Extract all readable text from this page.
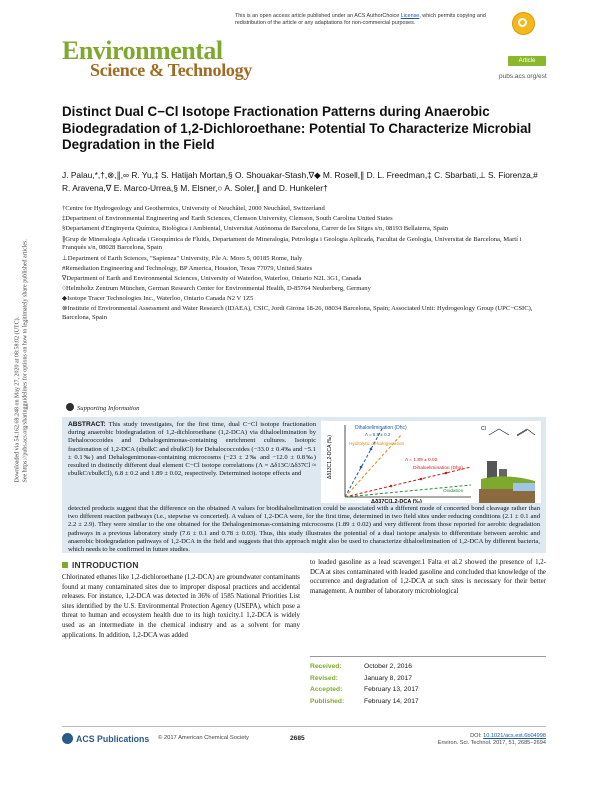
Downloaded via 54.162.69.248 on May 27, 2020 at 08:58:02 (UTC). See https://pubs.acs.org/sharingguidelines for options on how to legitimately share published articles.
This is an open access article published under an ACS AuthorChoice License, which permits copying and redistribution of the article or any adaptations for non-commercial purposes.
Environmental
Science & Technology	Article
pubs.acs.org/est
Distinct Dual C−Cl Isotope Fractionation Patterns during Anaerobic Biodegradation of 1,2-Dichloroethane: Potential To Characterize Microbial Degradation in the Field
J. Palau,*,†,⊗,∥,∞ R. Yu,‡ S. Hatijah Mortan,§ O. Shouakar-Stash,∇◆ M. Rosell,∥ D. L. Freedman,‡ C. Sbarbati,⊥ S. Fiorenza,# R. Aravena,∇ E. Marco-Urrea,§ M. Elsner,○ A. Soler,∥ and D. Hunkeler†
†Centre for Hydrogeology and Geothermics, University of Neuchâtel, 2000 Neuchâtel, Switzerland
‡Department of Environmental Engineering and Earth Sciences, Clemson University, Clemson, South Carolina United States
§Departament d'Enginyeria Química, Biològica i Ambiental, Universitat Autònoma de Barcelona, Carrer de les Sitges s/n, 08193 Bellaterra, Spain
∥Grup de Mineralogia Aplicada i Geoquímica de Fluids, Departament de Mineralogia, Petrologia i Geologia Aplicada, Facultat de Geologia, Universitat de Barcelona, Martí i Franquès s/n, 08028 Barcelona, Spain
⊥Department of Earth Sciences, "Sapienza" University, P.le A. Moro 5, 00185 Rome, Italy
#Remediation Engineering and Technology, BP America, Houston, Texas 77079, United States
∇Department of Earth and Environmental Sciences, University of Waterloo, Waterloo, Ontario N2L 3G1, Canada
○Helmholtz Zentrum München, German Research Center for Environmental Health, D-85764 Neuherberg, Germany
◆Isotope Tracer Technologies Inc., Waterloo, Ontario Canada N2 V 1Z5
⊗Institute of Environmental Assessment and Water Research (IDAEA), CSIC, Jordi Girona 18-26, 08034 Barcelona, Spain; Associated Unit: Hydrogeology Group (UPC−CSIC), Barcelona, Spain
Supporting Information
ABSTRACT: This study investigates, for the first time, dual C−Cl isotope fractionation during anaerobic biodegradation of 1,2-dichloroethane (1,2-DCA) via dihaloelimination by Dehalococcoides and Dehalogenimonas-containing enrichment cultures. Isotopic fractionation of 1,2-DCA (εbulkC and εbulkCl) for Dehalococcoides (−33.0 ± 0.4‰ and −5.1 ± 0.1‰) and Dehalogenimonas-containing microcosms (−23 ± 2‰ and −12.0 ± 0.8‰) resulted in distinctly different dual element C−Cl isotope correlations (Λ = Δδ13C/Δδ37Cl ≈ εbulkC/εbulkCl), 6.8 ± 0.2 and 1.89 ± 0.02, respectively. Determined isotope effects and
detected products suggest that the difference on the obtained Λ values for biodihaloelimination could be associated with a different mode of concerted bond cleavage rather than two different reaction pathways (i.e., stepwise vs concerted). A values of 1,2-DCA were, for the first time, determined in two field sites under reducing conditions (2.1 ± 0.1 and 2.2 ± 2.9). They were similar to the one obtained for the Dehalogenimonas-containing microcosms (1.89 ± 0.02) and very different from those reported for aerobic degradation pathways in a previous laboratory study (7.6 ± 0.1 and 0.78 ± 0.03). Thus, this study illustrates the potential of a dual isotope analysis to differentiate between aerobic and anaerobic biodegradation pathways of 1,2-DCA in the field and suggests that this approach might also be used to characterize dihaloelimination of 1,2-DCA by different bacteria, which needs to be confirmed in future studies.
Δδ13C1,2-DCA (‰)
Δδ37Cl1,2-DCA (‰)
Dihaloelimination (Dhc)
Λ = 6.8 ± 0.2
Hydrolytic dehalogenation
Λ = 1.89 ± 0.02
Dihaloelimination (Dhg)
Oxidation
Cl
INTRODUCTION
Chlorinated ethanes like 1,2-dichloroethane (1,2-DCA) are groundwater contaminants found at many contaminated sites due to improper disposal practices and accidental releases. For instance, 1,2-DCA was detected in 36% of 1585 National Priorities List sites identified by the U.S. Environmental Protection Agency (USEPA), which pose a threat to human and ecosystem health due to its high toxicity.1 1,2-DCA is widely used as an intermediate in the chemical industry and as a solvent for many applications. In addition, 1,2-DCA was added
to leaded gasoline as a lead scavenger.1 Falta et al.2 showed the presence of 1,2-DCA at sites contaminated with leaded gasoline and concluded that knowledge of the occurrence and degradation of 1,2-DCA at such sites is necessary for their better management. A number of laboratory microbiological
Received:	October 2, 2016
Revised:	January 8, 2017
Accepted:	February 13, 2017
Published:	February 14, 2017
ACS Publications © 2017 American Chemical Society	2685	DOI: 10.1021/acs.est.6b04998
Environ. Sci. Technol. 2017, 51, 2685−2694
